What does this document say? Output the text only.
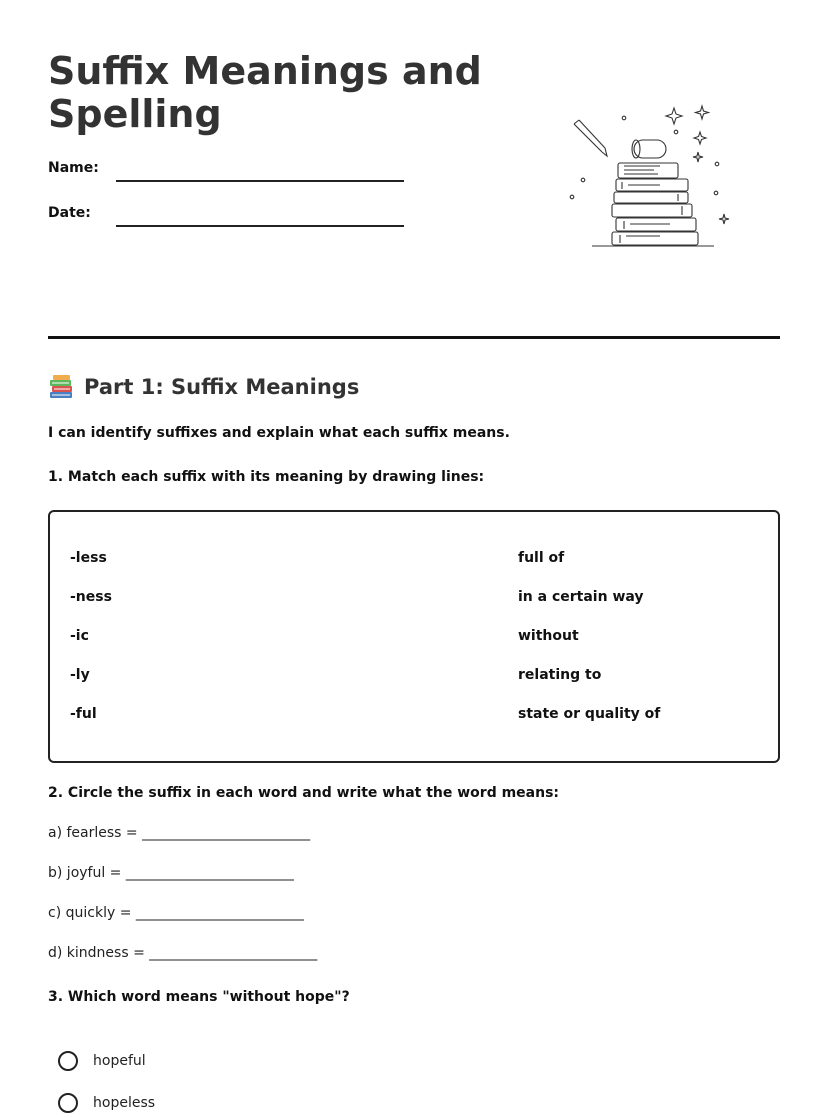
Suffix Meanings and Spelling
Name:
Date:
Part 1: Suffix Meanings

I can identify suffixes and explain what each suffix means.

1. Match each suffix with its meaning by drawing lines:

-less
-ness
-ic
-ly
-ful
full of
in a certain way
without
relating to
state or quality of

2. Circle the suffix in each word and write what the word means:

a) fearless = ________________________
b) joyful = ________________________
c) quickly = ________________________
d) kindness = ________________________

3. Which word means "without hope"?

hopeful
hopeless
